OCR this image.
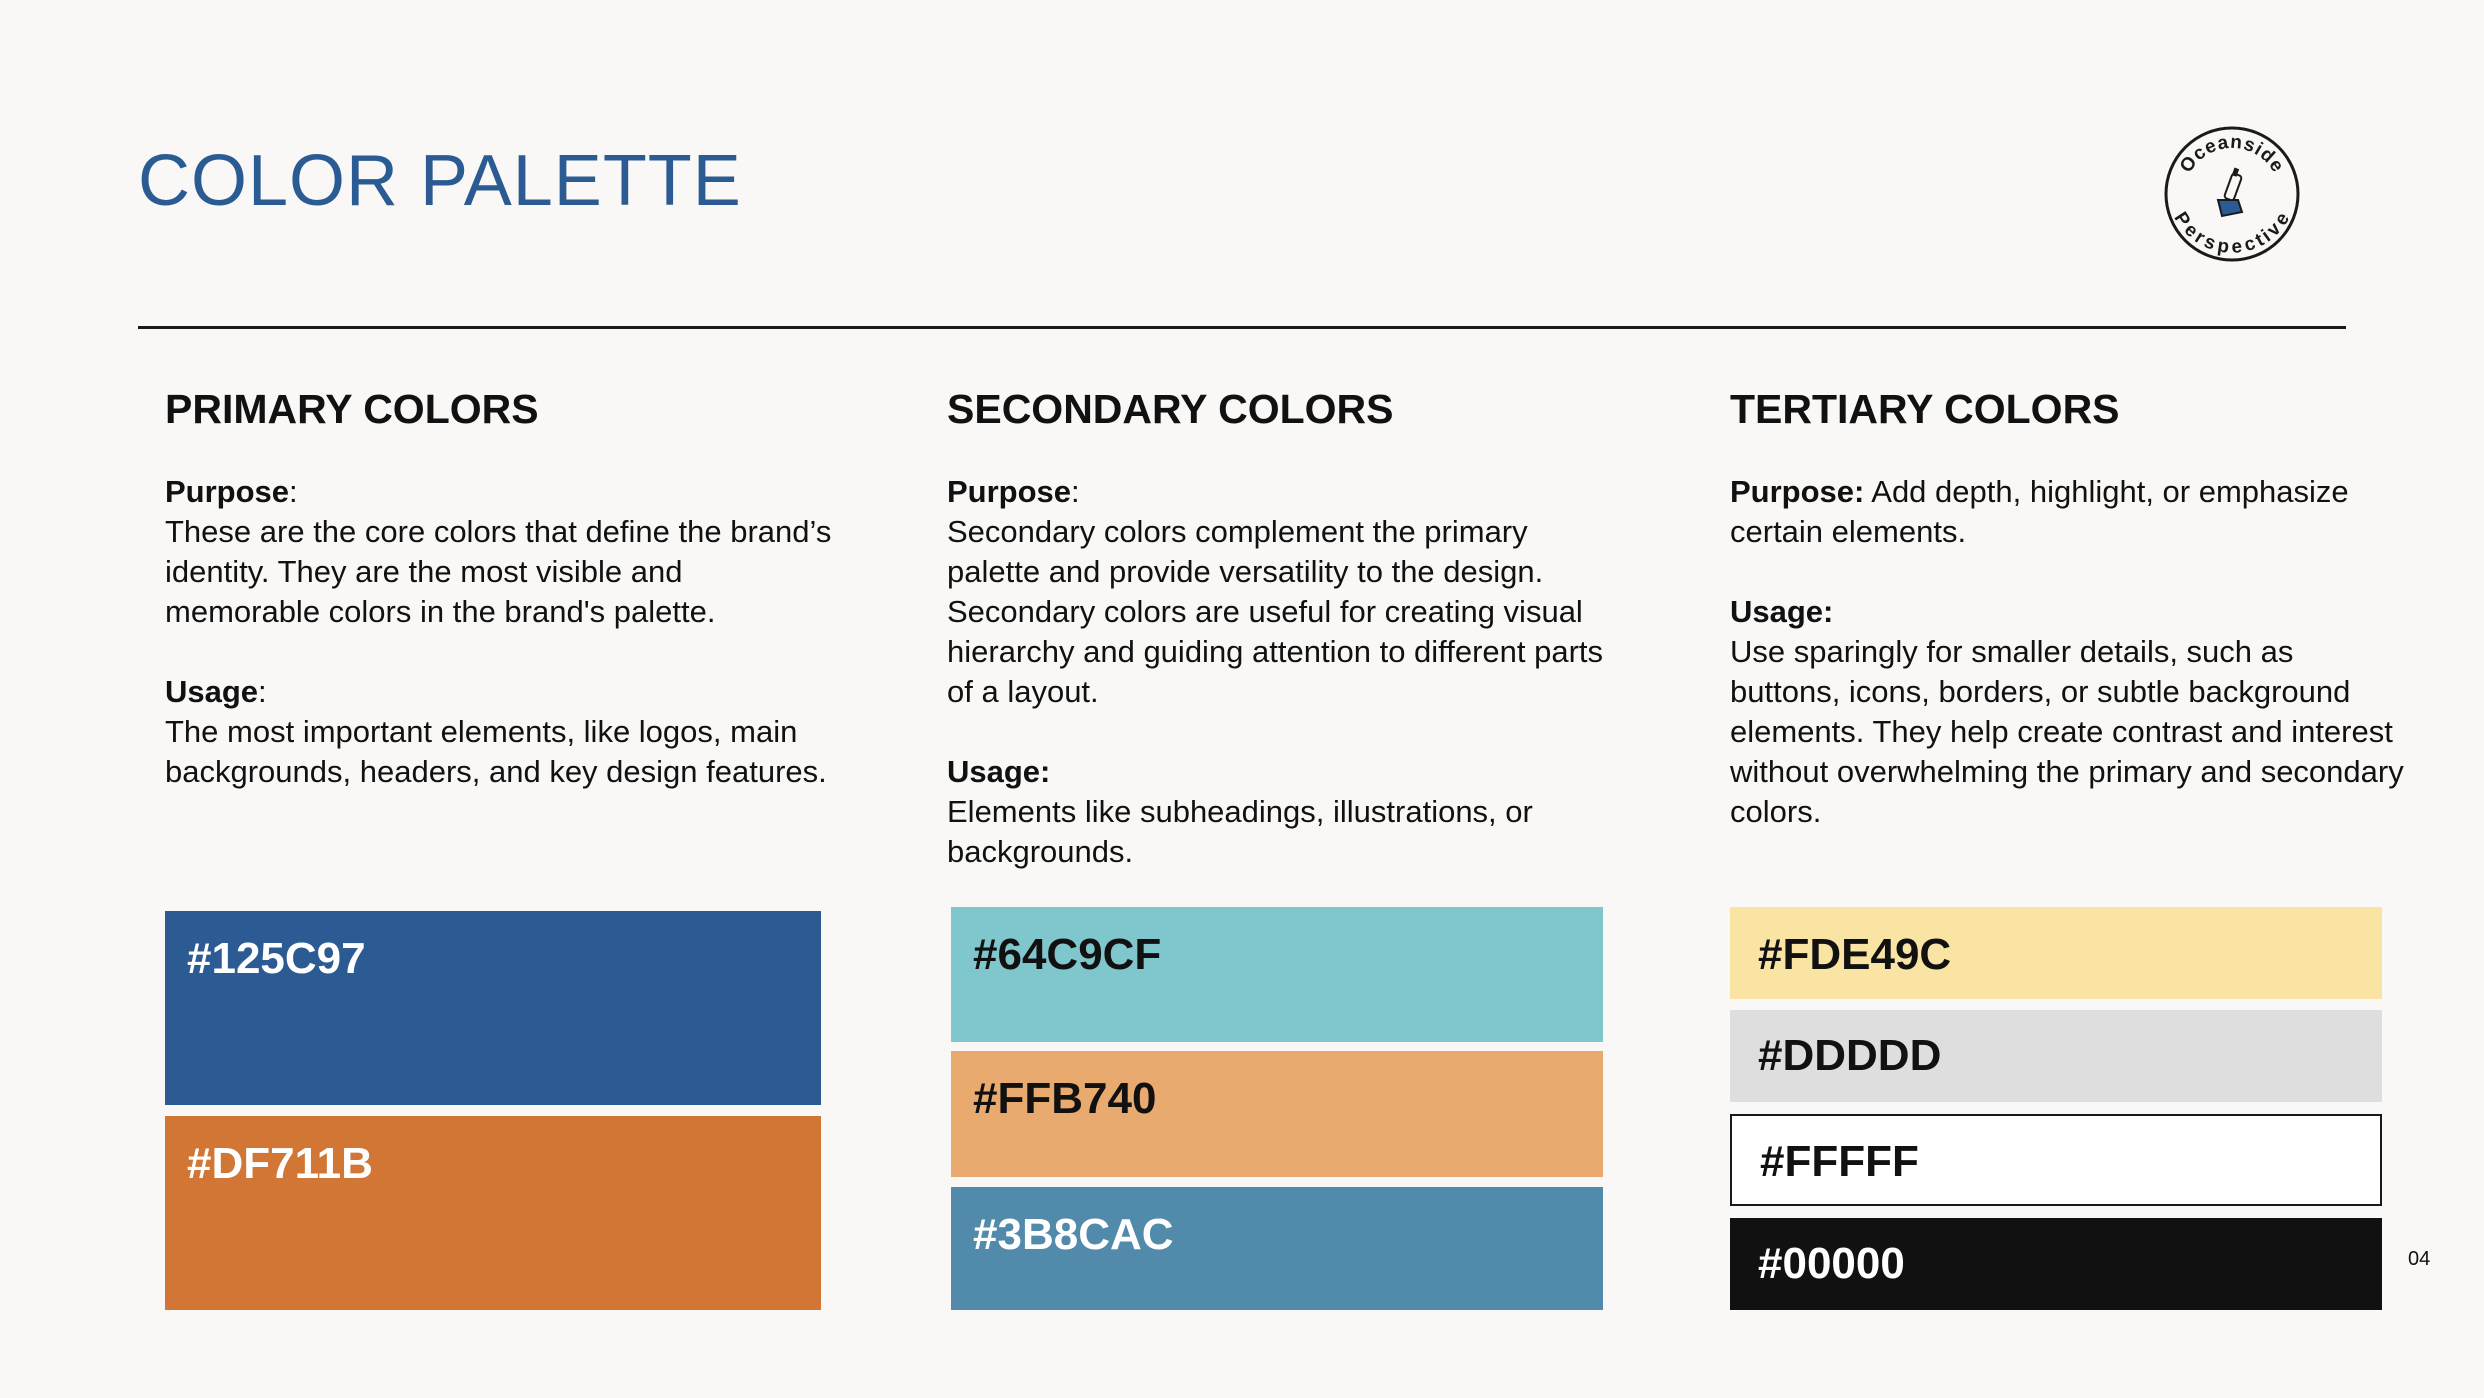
COLOR PALETTE	Oceanside
Perspective
PRIMARY COLORS

Purpose:
These are the core colors that define the brand’s identity. They are the most visible and memorable colors in the brand's palette.

Usage:
The most important elements, like logos, main backgrounds, headers, and key design features.

SECONDARY COLORS

Purpose:
Secondary colors complement the primary palette and provide versatility to the design. Secondary colors are useful for creating visual hierarchy and guiding attention to different parts of a layout.

Usage:
Elements like subheadings, illustrations, or backgrounds.

TERTIARY COLORS

Purpose: Add depth, highlight, or emphasize certain elements.

Usage:
Use sparingly for smaller details, such as buttons, icons, borders, or subtle background elements. They help create contrast and interest without overwhelming the primary and secondary colors.

#125C97
#DF711B
#64C9CF
#FFB740
#3B8CAC
#FDE49C
#DDDDD
#FFFFF
#00000	04
